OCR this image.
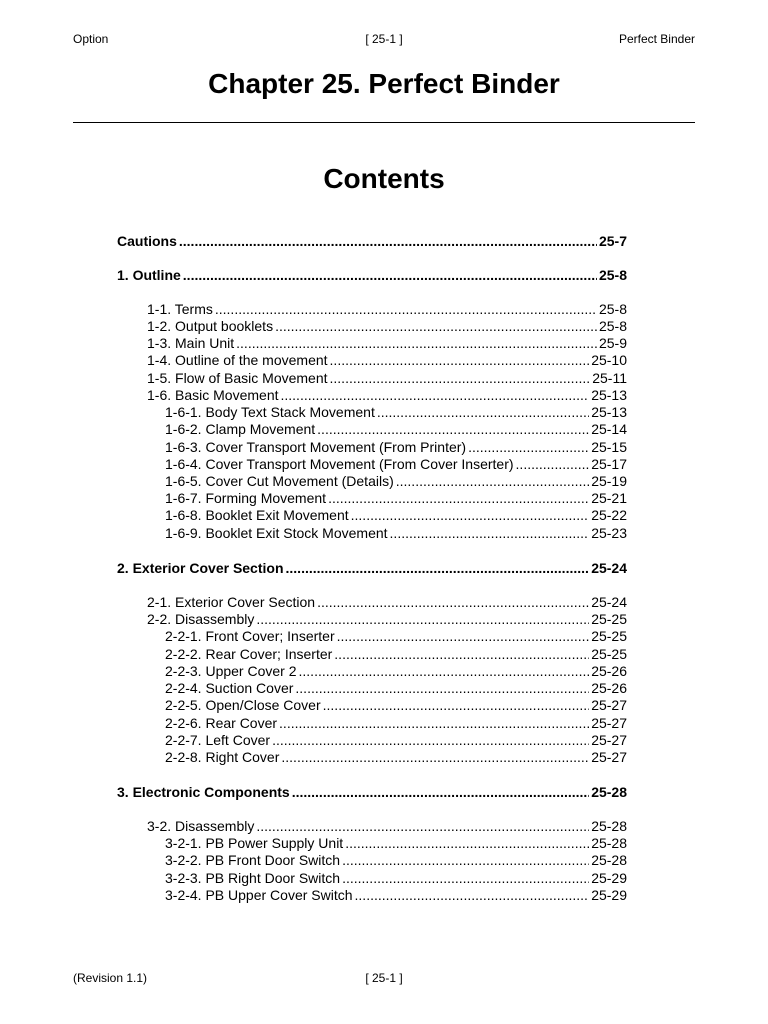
Option	[ 25-1 ]	Perfect Binder
Chapter 25. Perfect Binder
Contents
Cautions .....	25-7
1. Outline .....	25-8
1-1. Terms .....	25-8
1-2. Output booklets .....	25-8
1-3. Main Unit .....	25-9
1-4. Outline of the movement .....	25-10
1-5. Flow of Basic Movement .....	25-11
1-6. Basic Movement .....	25-13
1-6-1. Body Text Stack Movement .....	25-13
1-6-2. Clamp Movement .....	25-14
1-6-3. Cover Transport Movement (From Printer) .....	25-15
1-6-4. Cover Transport Movement (From Cover Inserter) .....	25-17
1-6-5. Cover Cut Movement (Details) .....	25-19
1-6-7. Forming Movement .....	25-21
1-6-8. Booklet Exit Movement .....	25-22
1-6-9. Booklet Exit Stock Movement .....	25-23
2. Exterior Cover Section .....	25-24
2-1. Exterior Cover Section .....	25-24
2-2. Disassembly .....	25-25
2-2-1. Front Cover; Inserter .....	25-25
2-2-2. Rear Cover; Inserter .....	25-25
2-2-3. Upper Cover 2 .....	25-26
2-2-4. Suction Cover .....	25-26
2-2-5. Open/Close Cover .....	25-27
2-2-6. Rear Cover .....	25-27
2-2-7. Left Cover .....	25-27
2-2-8. Right Cover .....	25-27
3. Electronic Components .....	25-28
3-2. Disassembly .....	25-28
3-2-1. PB Power Supply Unit .....	25-28
3-2-2. PB Front Door Switch .....	25-28
3-2-3. PB Right Door Switch .....	25-29
3-2-4. PB Upper Cover Switch .....	25-29
(Revision 1.1)	[ 25-1 ]
